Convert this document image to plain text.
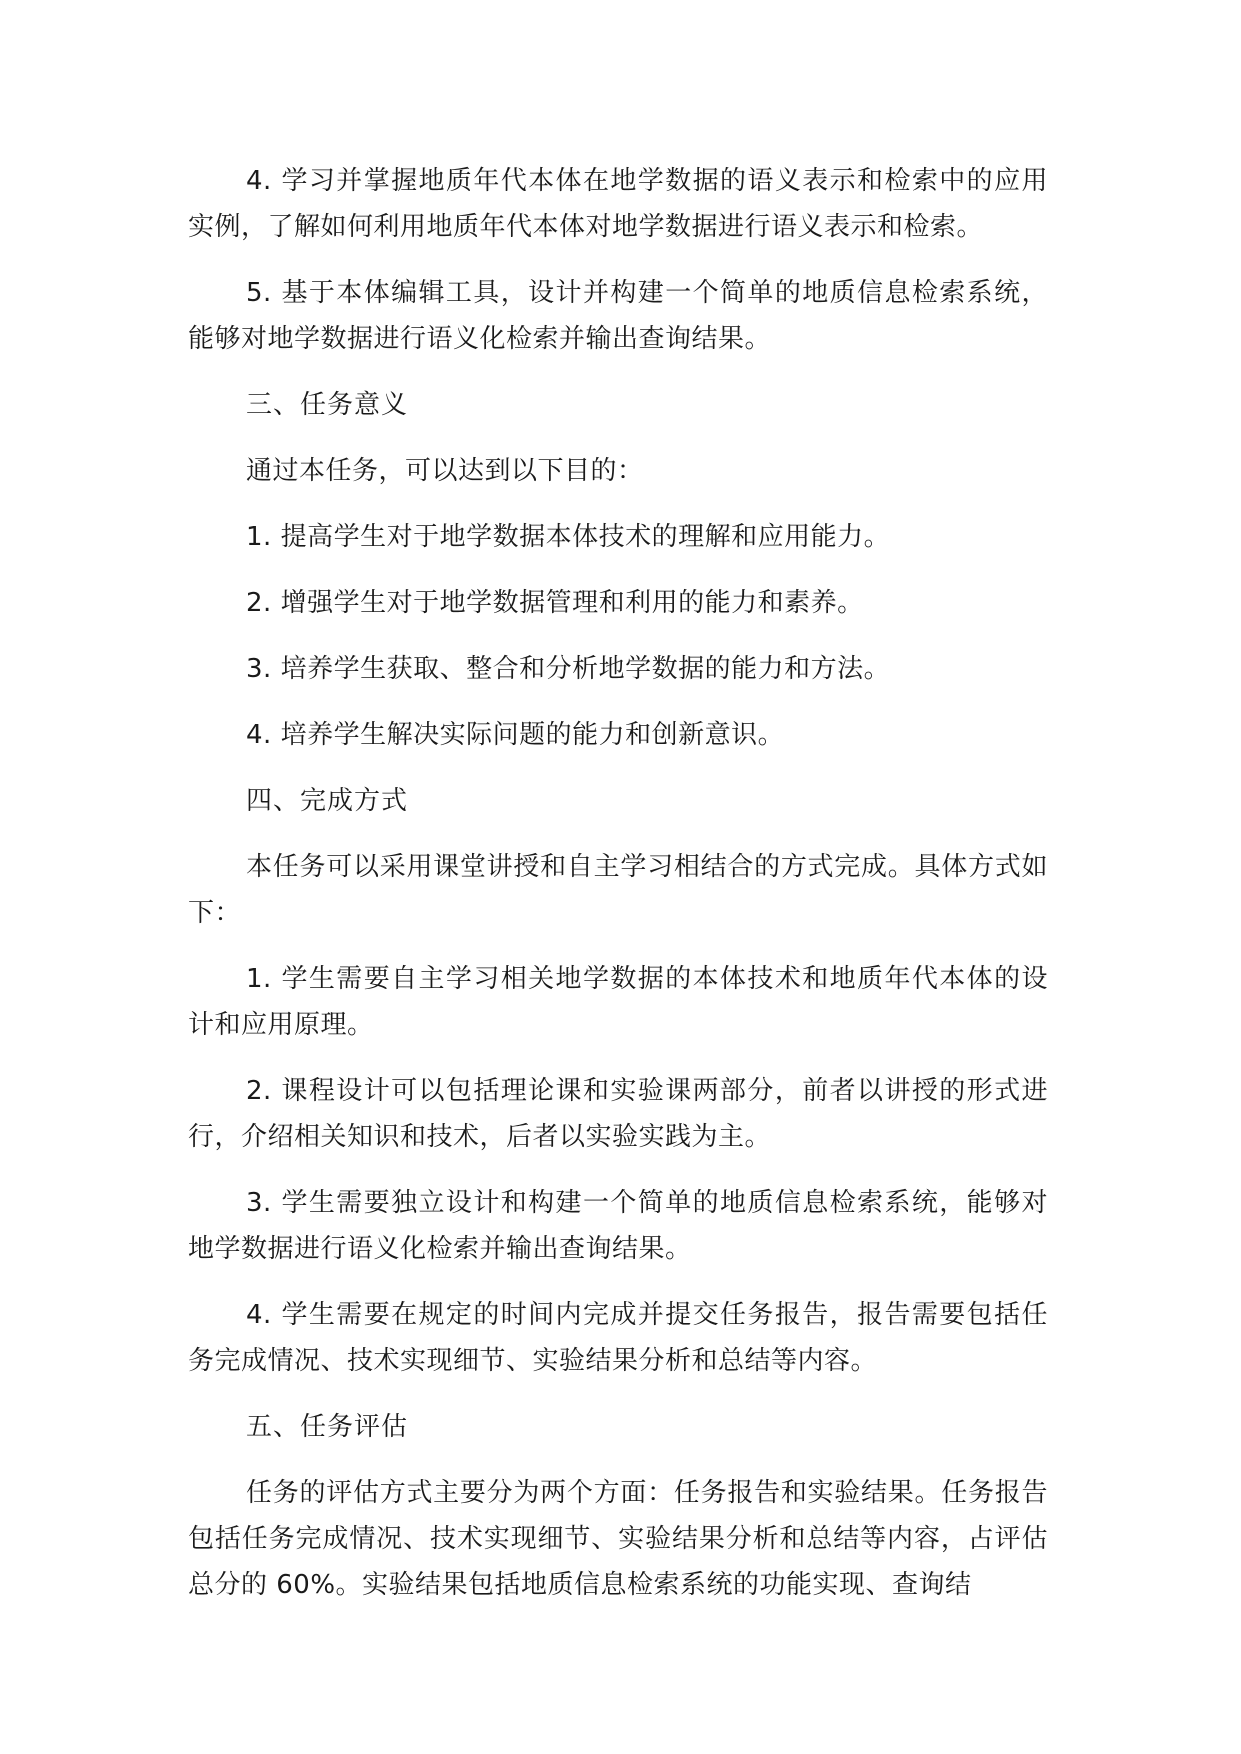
4. 学习并掌握地质年代本体在地学数据的语义表示和检索中的应用实例，了解如何利用地质年代本体对地学数据进行语义表示和检索。

5. 基于本体编辑工具，设计并构建一个简单的地质信息检索系统，能够对地学数据进行语义化检索并输出查询结果。

三、任务意义

通过本任务，可以达到以下目的：

1. 提高学生对于地学数据本体技术的理解和应用能力。

2. 增强学生对于地学数据管理和利用的能力和素养。

3. 培养学生获取、整合和分析地学数据的能力和方法。

4. 培养学生解决实际问题的能力和创新意识。

四、完成方式

本任务可以采用课堂讲授和自主学习相结合的方式完成。具体方式如下：

1. 学生需要自主学习相关地学数据的本体技术和地质年代本体的设计和应用原理。

2. 课程设计可以包括理论课和实验课两部分，前者以讲授的形式进行，介绍相关知识和技术，后者以实验实践为主。

3. 学生需要独立设计和构建一个简单的地质信息检索系统，能够对地学数据进行语义化检索并输出查询结果。

4. 学生需要在规定的时间内完成并提交任务报告，报告需要包括任务完成情况、技术实现细节、实验结果分析和总结等内容。

五、任务评估

任务的评估方式主要分为两个方面：任务报告和实验结果。任务报告包括任务完成情况、技术实现细节、实验结果分析和总结等内容，占评估总分的 60%。实验结果包括地质信息检索系统的功能实现、查询结
